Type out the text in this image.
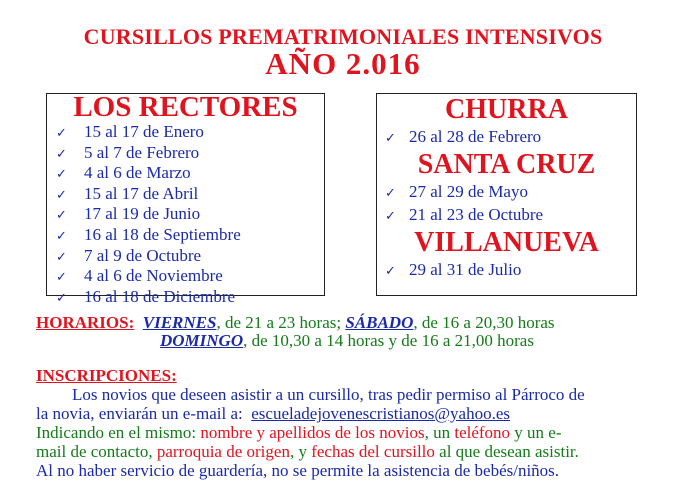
CURSILLOS PREMATRIMONIALES INTENSIVOS
AÑO 2.016
LOS RECTORES
✓ 15 al 17 de Enero
✓ 5 al 7 de Febrero
✓ 4 al 6 de Marzo
✓ 15 al 17 de Abril
✓ 17 al 19 de Junio
✓ 16 al 18 de Septiembre
✓ 7 al 9 de Octubre
✓ 4 al 6 de Noviembre
✓ 16 al 18 de Diciembre
CHURRA
✓ 26 al 28 de Febrero
SANTA CRUZ
✓ 27 al 29 de Mayo
✓ 21 al 23 de Octubre
VILLANUEVA
✓ 29 al 31 de Julio
HORARIOS: VIERNES, de 21 a 23 horas; SÁBADO, de 16 a 20,30 horas
DOMINGO, de 10,30 a 14 horas y de 16 a 21,00 horas
INSCRIPCIONES:
Los novios que deseen asistir a un cursillo, tras pedir permiso al Párroco de
la novia, enviarán un e-mail a: escueladejovenescristianos@yahoo.es
Indicando en el mismo: nombre y apellidos de los novios, un teléfono y un e-
mail de contacto, parroquia de origen, y fechas del cursillo al que desean asistir.
Al no haber servicio de guardería, no se permite la asistencia de bebés/niños.
